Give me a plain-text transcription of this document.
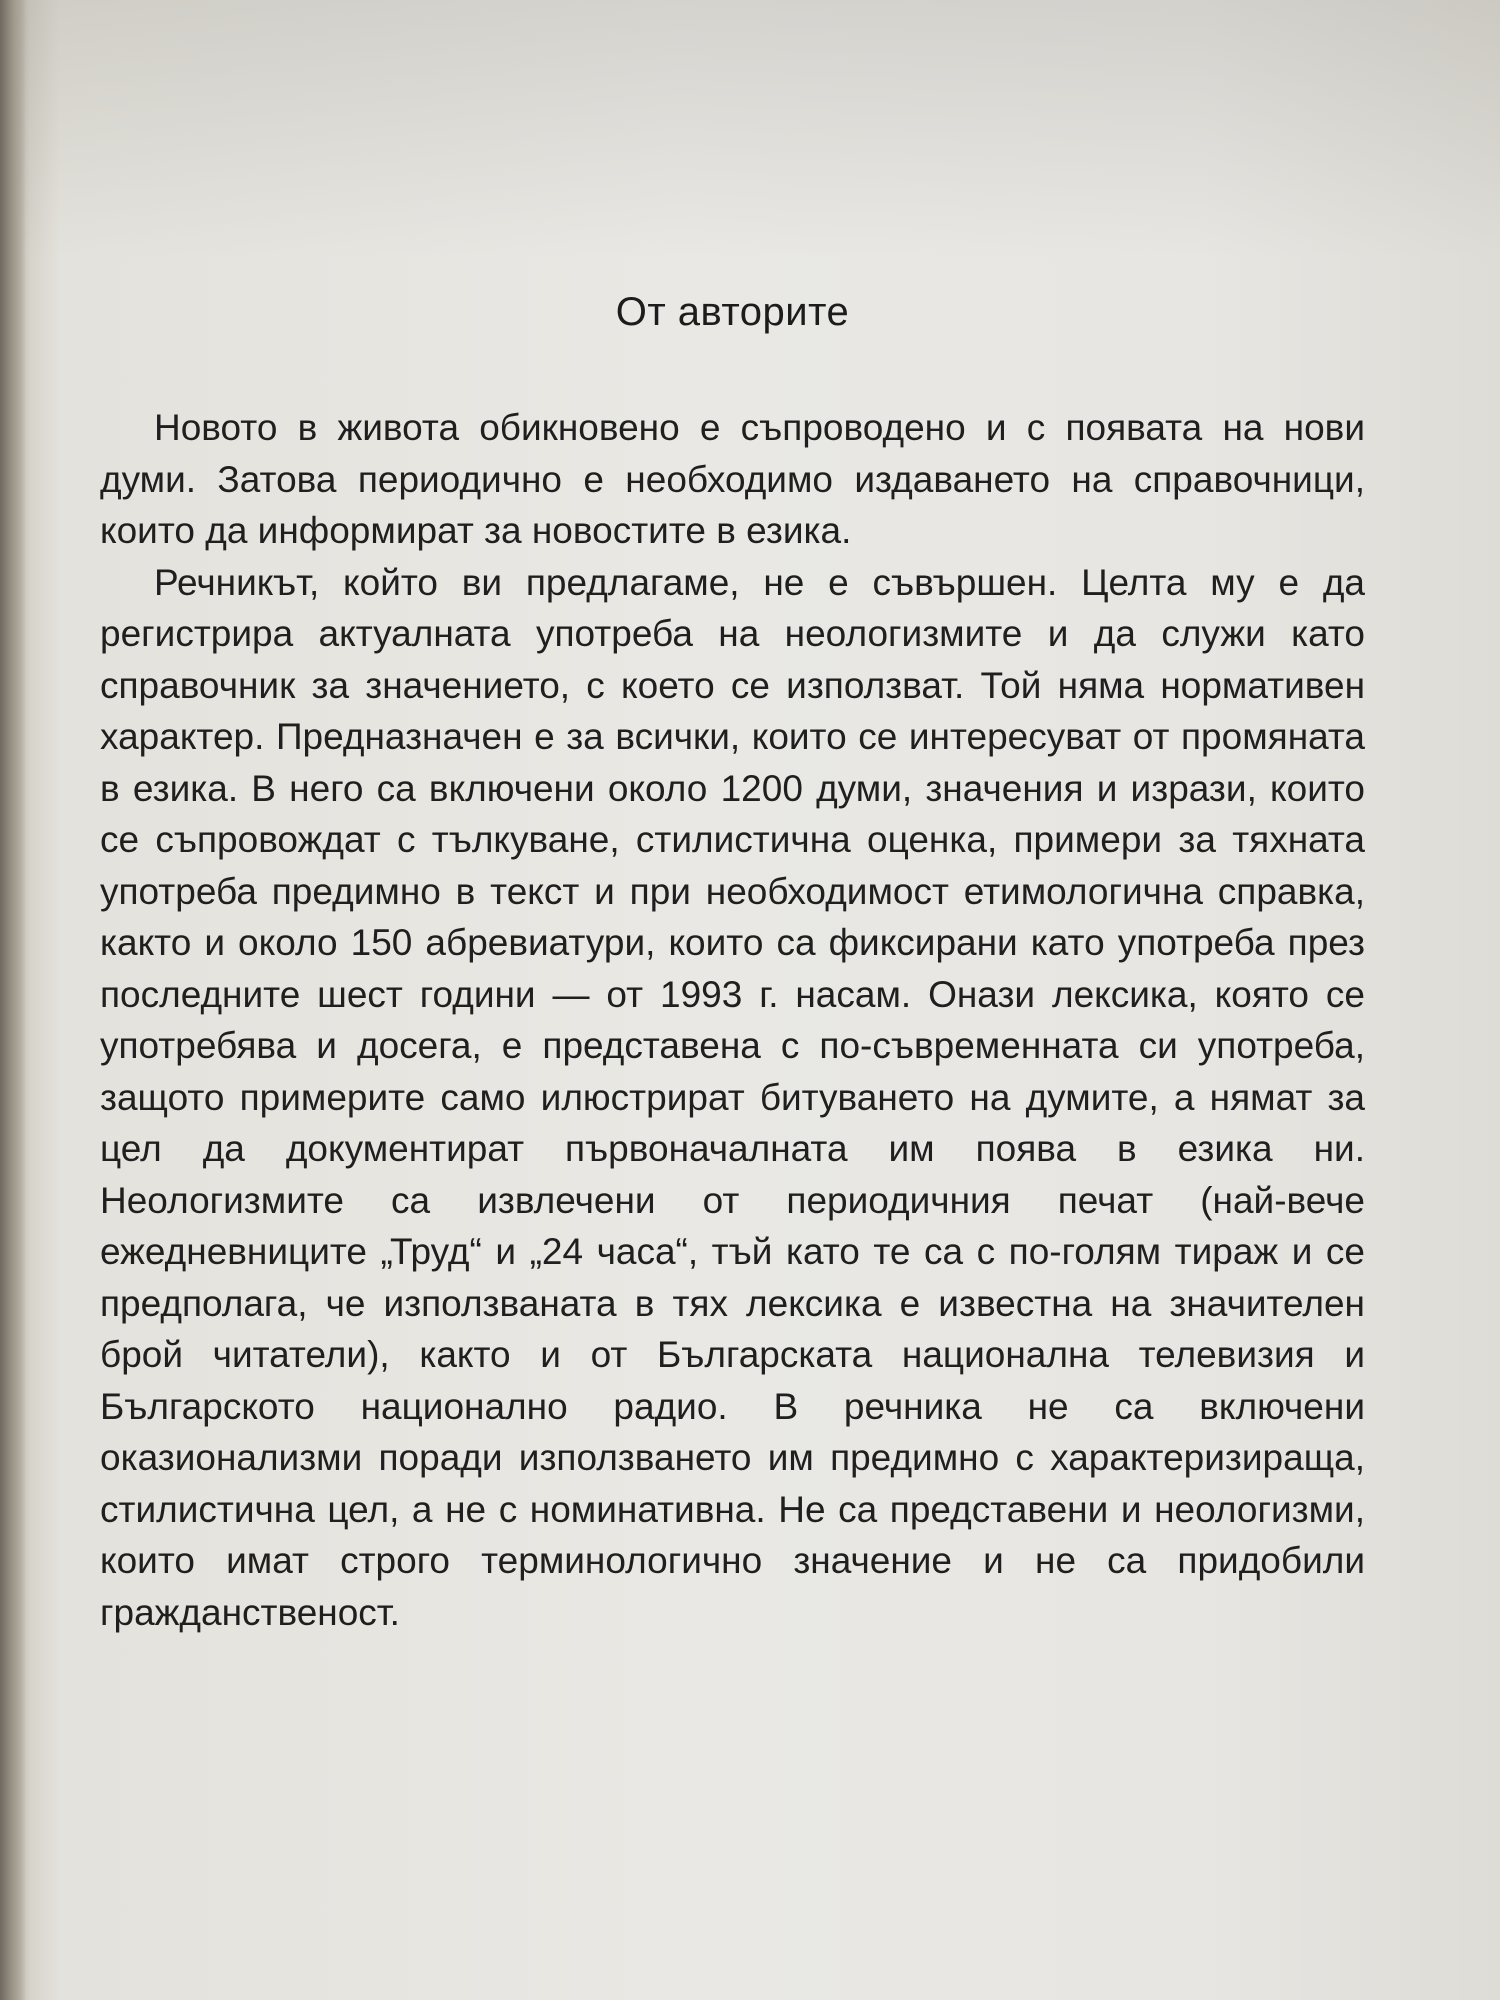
От авторите

Новото в живота обикновено е съпроводено и с появата на нови думи. Затова периодично е необходимо издаването на справочници, които да информират за новостите в езика.

Речникът, който ви предлагаме, не е съвършен. Целта му е да регистрира актуалната употреба на неологизмите и да служи като справочник за значението, с което се използват. Той няма нормативен характер. Предназначен е за всички, които се интересуват от промяната в езика. В него са включени около 1200 думи, значения и изрази, които се съпровождат с тълкуване, стилистична оценка, примери за тяхната употреба предимно в текст и при необходимост етимологична справка, както и около 150 абревиатури, които са фиксирани като употреба през последните шест години — от 1993 г. насам. Онази лексика, която се употребява и досега, е представена с по-съвременната си употреба, защото примерите само илюстрират битуването на думите, а нямат за цел да документират първоначалната им поява в езика ни. Неологизмите са извлечени от периодичния печат (най-вече ежедневниците „Труд“ и „24 часа“, тъй като те са с по-голям тираж и се предполага, че използваната в тях лексика е известна на значителен брой читатели), както и от Българската национална телевизия и Българското национално радио. В речника не са включени оказионализми поради използването им предимно с характеризираща, стилистична цел, а не с номинативна. Не са представени и неологизми, които имат строго терминологично значение и не са придобили гражданственост.
